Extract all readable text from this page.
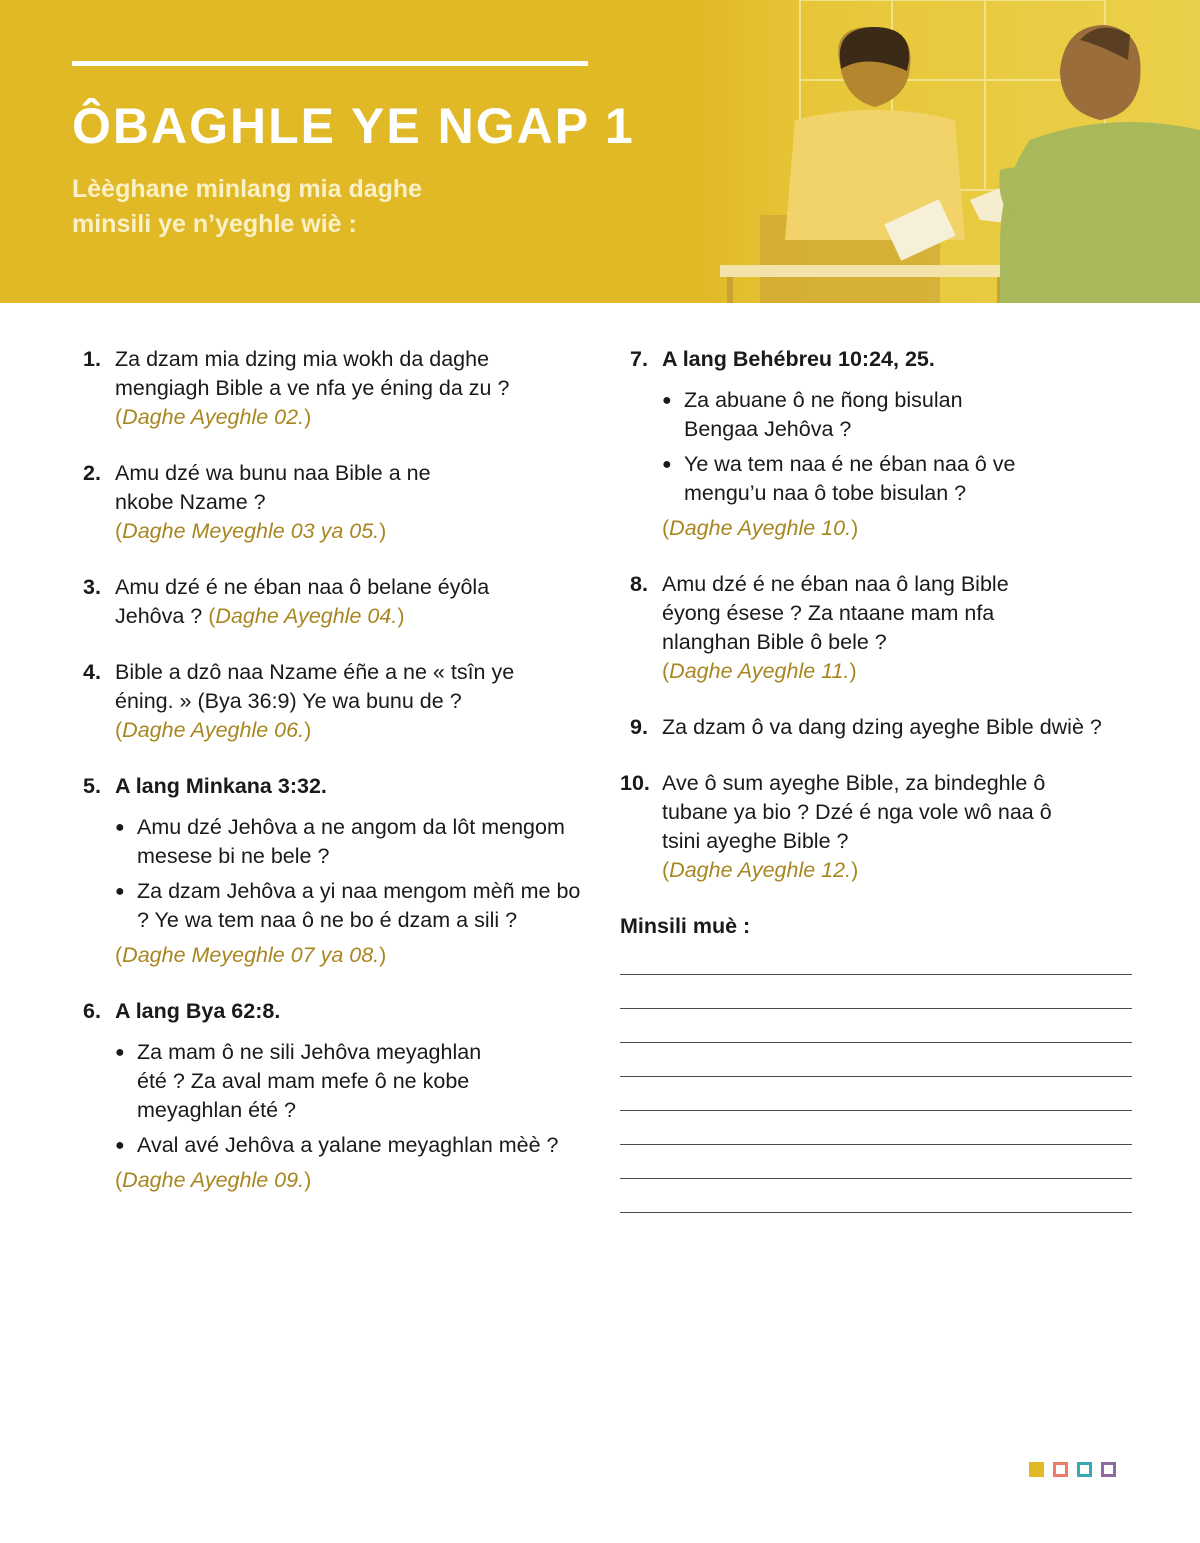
ÔBAGHLE YE NGAP 1
Lèèghane minlang mia daghe
minsili ye n’yeghle wiè :
1. Za dzam mia dzing mia wokh da daghe mengiagh Bible a ve nfa ye éning da zu ?
(Daghe Ayeghle 02.)
2. Amu dzé wa bunu naa Bible a ne nkobe Nzame ?
(Daghe Meyeghle 03 ya 05.)
3. Amu dzé é ne éban naa ô belane éyôla Jehôva ? (Daghe Ayeghle 04.)
4. Bible a dzô naa Nzame éñe a ne « tsîn ye éning. » (Bya 36:9) Ye wa bunu de ?
(Daghe Ayeghle 06.)
5. A lang Minkana 3:32.
● Amu dzé Jehôva a ne angom da lôt mengom mesese bi ne bele ?
● Za dzam Jehôva a yi naa mengom mèñ me bo ? Ye wa tem naa ô ne bo é dzam a sili ?
(Daghe Meyeghle 07 ya 08.)
6. A lang Bya 62:8.
● Za mam ô ne sili Jehôva meyaghlan été ? Za aval mam mefe ô ne kobe meyaghlan été ?
● Aval avé Jehôva a yalane meyaghlan mèè ?
(Daghe Ayeghle 09.)
7. A lang Behébreu 10:24, 25.
● Za abuane ô ne ñong bisulan Bengaa Jehôva ?
● Ye wa tem naa é ne éban naa ô ve mengu’u naa ô tobe bisulan ?
(Daghe Ayeghle 10.)
8. Amu dzé é ne éban naa ô lang Bible éyong ésese ? Za ntaane mam nfa nlanghan Bible ô bele ?
(Daghe Ayeghle 11.)
9. Za dzam ô va dang dzing ayeghe Bible dwiè ?
10. Ave ô sum ayeghe Bible, za bindeghle ô tubane ya bio ? Dzé é nga vole wô naa ô tsini ayeghe Bible ?
(Daghe Ayeghle 12.)
Minsili muè :
